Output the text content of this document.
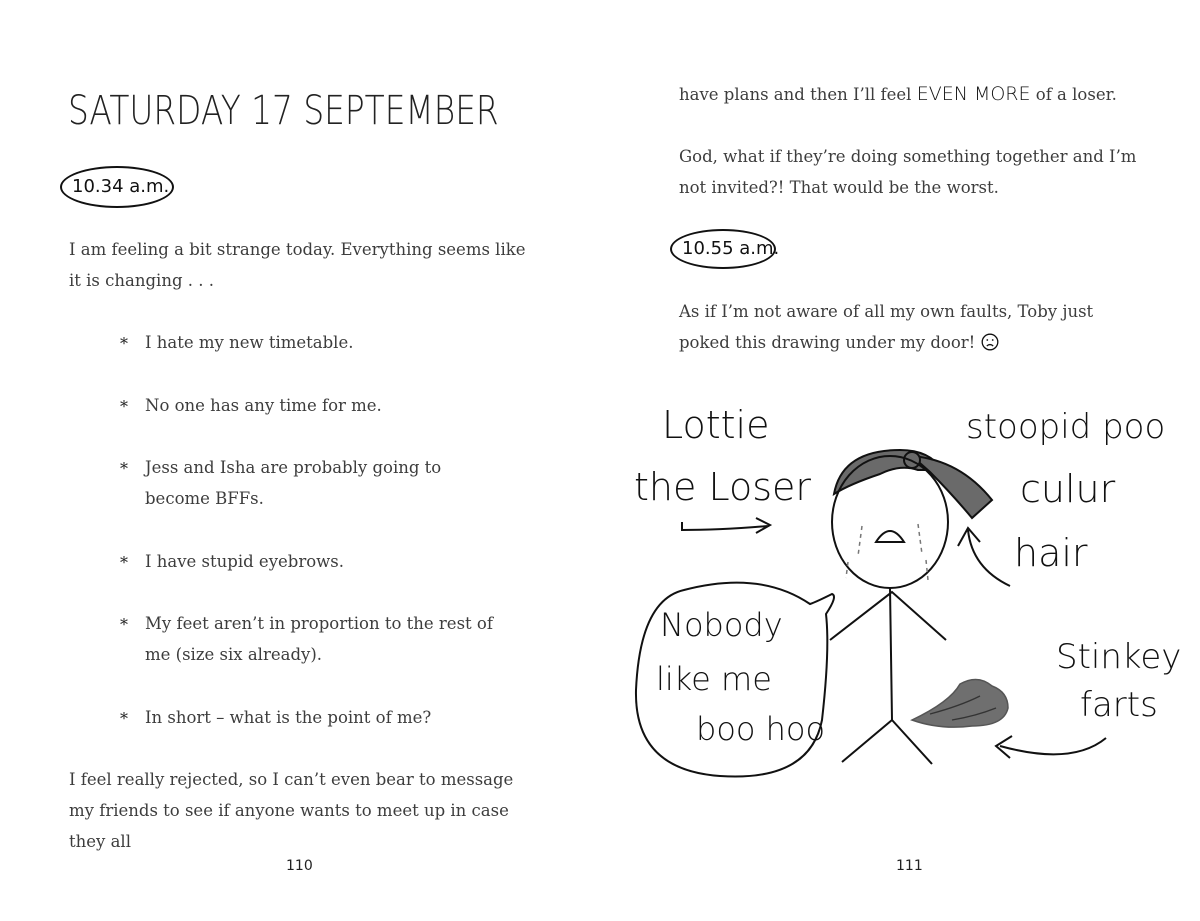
SATURDAY 17 SEPTEMBER
10.34 a.m.

I am feeling a bit strange today. Everything seems like it is changing . . .

* I hate my new timetable.
* No one has any time for me.
* Jess and Isha are probably going to become BFFs.
* I have stupid eyebrows.
* My feet aren’t in proportion to the rest of me (size six already).
* In short – what is the point of me?

I feel really rejected, so I can’t even bear to message my friends to see if anyone wants to meet up in case they all

110

have plans and then I’ll feel EVEN MORE of a loser.

God, what if they’re doing something together and I’m not invited?! That would be the worst.

10.55 a.m.

As if I’m not aware of all my own faults, Toby just poked this drawing under my door!

Lottie
the Loser
stoopid poo
culur
hair
Nobody
like me
boo hoo
Stinkey
farts
111
